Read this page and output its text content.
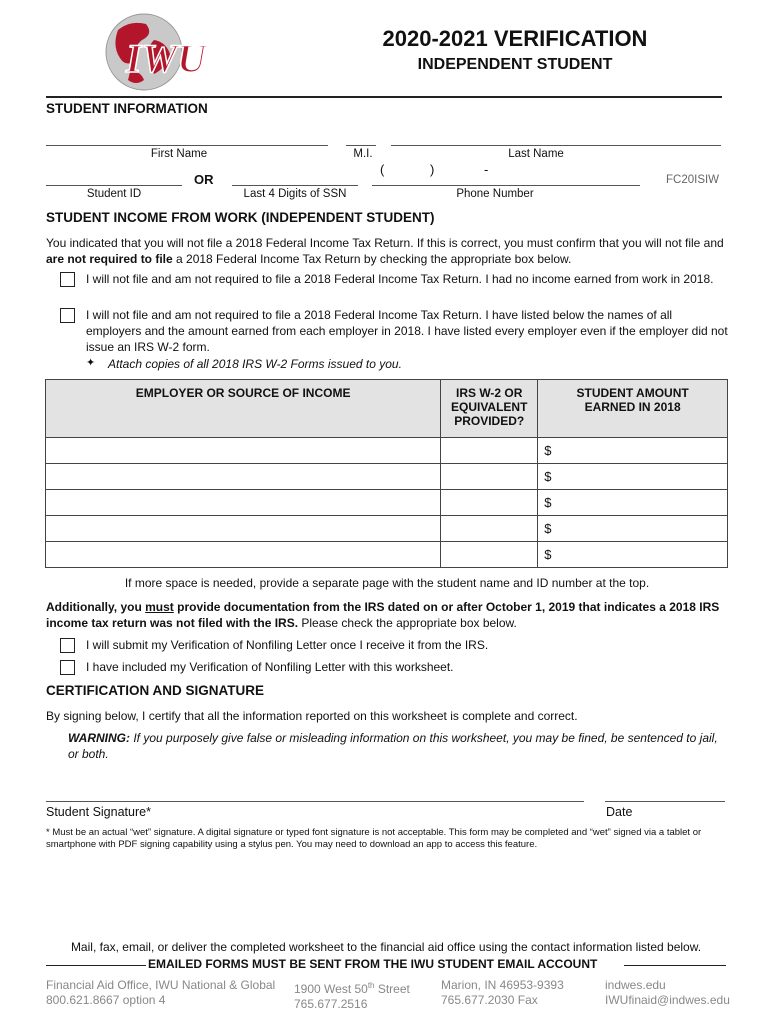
IWU	2020-2021 VERIFICATION
INDEPENDENT STUDENT
STUDENT INFORMATION
First Name	M.I.	Last Name
Student ID
OR
Last 4 Digits of SSN
(	)	-
Phone Number
FC20ISIW
STUDENT INCOME FROM WORK (INDEPENDENT STUDENT)
You indicated that you will not file a 2018 Federal Income Tax Return. If this is correct, you must confirm that you will not file and are not required to file a 2018 Federal Income Tax Return by checking the appropriate box below.
I will not file and am not required to file a 2018 Federal Income Tax Return. I had no income earned from work in 2018.
I will not file and am not required to file a 2018 Federal Income Tax Return. I have listed below the names of all employers and the amount earned from each employer in 2018. I have listed every employer even if the employer did not issue an IRS W-2 form.
✦ Attach copies of all 2018 IRS W-2 Forms issued to you.
EMPLOYER OR SOURCE OF INCOME	IRS W-2 OR EQUIVALENT PROVIDED?	STUDENT AMOUNT EARNED IN 2018
		$
		$
		$
		$
		$
If more space is needed, provide a separate page with the student name and ID number at the top.
Additionally, you must provide documentation from the IRS dated on or after October 1, 2019 that indicates a 2018 IRS income tax return was not filed with the IRS. Please check the appropriate box below.
I will submit my Verification of Nonfiling Letter once I receive it from the IRS.
I have included my Verification of Nonfiling Letter with this worksheet.
CERTIFICATION AND SIGNATURE
By signing below, I certify that all the information reported on this worksheet is complete and correct.
WARNING: If you purposely give false or misleading information on this worksheet, you may be fined, be sentenced to jail, or both.
Student Signature*	Date
* Must be an actual “wet” signature. A digital signature or typed font signature is not acceptable. This form may be completed and “wet” signed via a tablet or smartphone with PDF signing capability using a stylus pen. You may need to download an app to access this feature.
Mail, fax, email, or deliver the completed worksheet to the financial aid office using the contact information listed below.
EMAILED FORMS MUST BE SENT FROM THE IWU STUDENT EMAIL ACCOUNT
Financial Aid Office, IWU National & Global
800.621.8667 option 4
1900 West 50th Street
765.677.2516
Marion, IN 46953-9393
765.677.2030 Fax
indwes.edu
IWUfinaid@indwes.edu
